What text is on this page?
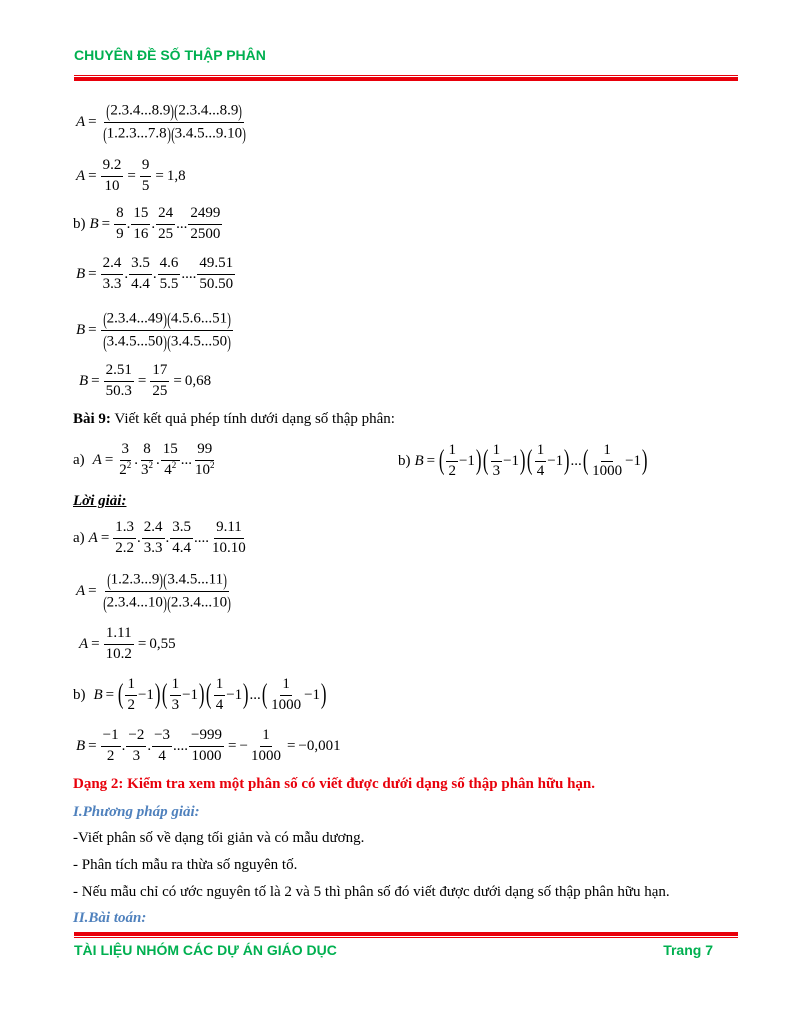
CHUYÊN ĐỀ SỐ THẬP PHÂN
$A = \frac{(2.3.4...8.9)(2.3.4...8.9)}{(1.2.3...7.8)(3.4.5...9.10)}$
$A = \frac{9.2}{10} = \frac{9}{5} = 1,8$
b) $B = \frac{8}{9}$ . $\frac{15}{16}$ . $\frac{24}{25}$ ... $\frac{2499}{2500}$
$B = \frac{2.4}{3.3}$ . $\frac{3.5}{4.4}$ . $\frac{4.6}{5.5}$ .... $\frac{49.51}{50.50}$
$B = \frac{(2.3.4...49)(4.5.6...51)}{(3.4.5...50)(3.4.5...50)}$
$B = \frac{2.51}{50.3} = \frac{17}{25} = 0,68$
Bài 9: Viết kết quả phép tính dưới dạng số thập phân:
a) $A = \frac{3}{2^2}$ . $\frac{8}{3^2}$ . $\frac{15}{4^2}$ ... $\frac{99}{10^2}$	b) B = ( $\frac{1}{2} -1$ ) ( $\frac{1}{3} -1$ ) ( $\frac{1}{4} -1$ ) ... ( $\frac{1}{1000} -1$ )
Lời giải:
a) $A = \frac{1.3}{2.2}$ . $\frac{2.4}{3.3}$ . $\frac{3.5}{4.4}$ .... $\frac{9.11}{10.10}$
$A = \frac{(1.2.3...9)(3.4.5...11)}{(2.3.4...10)(2.3.4...10)}$
$A = \frac{1.11}{10.2} = 0,55$
b) B = ( $\frac{1}{2} -1$ ) ( $\frac{1}{3} -1$ ) ( $\frac{1}{4} -1$ ) ... ( $\frac{1}{1000} -1$ )
$B = \frac{-1}{2}$ . $\frac{-2}{3}$ . $\frac{-3}{4}$ .... $\frac{-999}{1000}$ = − $\frac{1}{1000} = -0,001$
Dạng 2: Kiểm tra xem một phân số có viết được dưới dạng số thập phân hữu hạn.
I.Phương pháp giải:
-Viết phân số về dạng tối giản và có mẫu dương.
- Phân tích mẫu ra thừa số nguyên tố.
- Nếu mẫu chỉ có ước nguyên tố là 2 và 5 thì phân số đó viết được dưới dạng số thập phân hữu hạn.
II.Bài toán:
TÀI LIỆU NHÓM CÁC DỰ ÁN GIÁO DỤC	Trang 7
